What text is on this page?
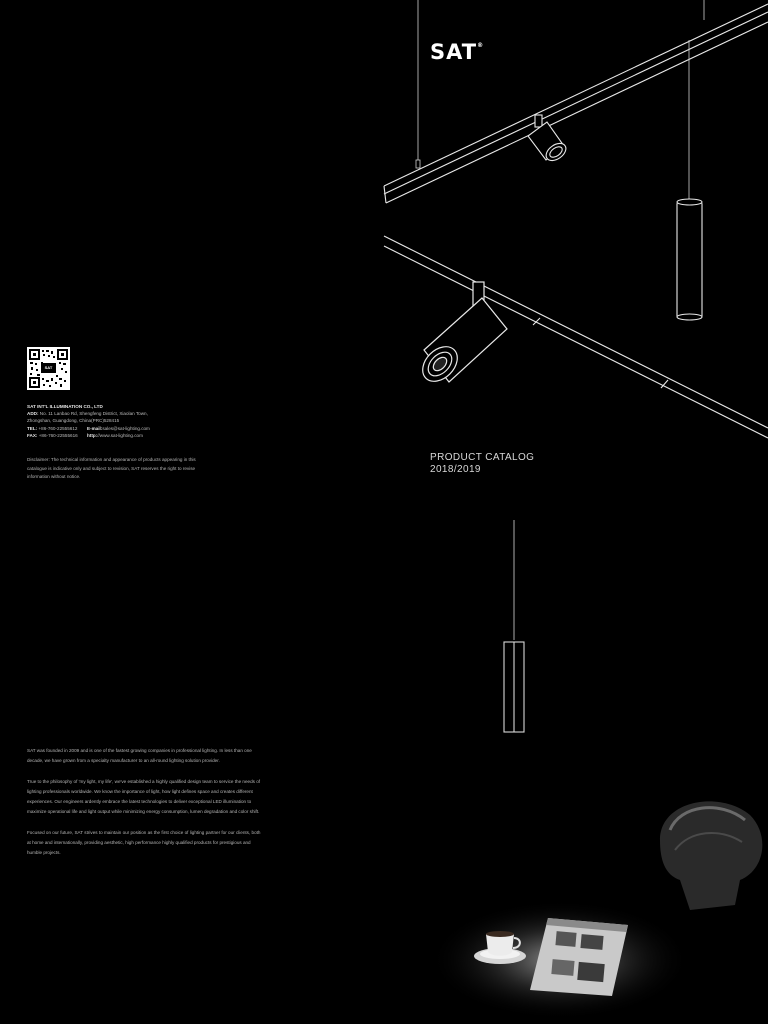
SAT®
PRODUCT CATALOG
2018/2019
SAT
SAT INT'L ILLUMINATION CO., LTD
ADD: No. 11 Lanbao Rd, Shengfeng District, Xiaolan Town,
Zhongshan, Guangdong, China(PRC)528415
TEL: +86-760-22555612 E-mail:sales@sat-lighting.com
FAX: +86-760-22555616 http://www.sat-lighting.com
Disclaimer: The technical information and appearance of products appearing in this catalogue is indicative only and subject to revision, SAT reserves the right to revise information without notice.

SAT was founded in 2009 and is one of the fastest growing companies in professional lighting. In less than one decade, we have grown from a specialty manufacturer to an all-round lighting solution provider.

True to the philosophy of 'my light, my life', we've established a highly qualified design team to service the needs of lighting professionals worldwide. We know the importance of light, how light defines space and creates different experiences. Our engineers ardently embrace the latest technologies to deliver exceptional LED illumination to maximize operational life and light output while minimizing energy consumption, lumen degradation and color shift.

Focused on our future, SAT strives to maintain our position as the first choice of lighting partner for our clients, both at home and internationally, providing aesthetic, high performance highly qualified products for prestigious and humble projects.
